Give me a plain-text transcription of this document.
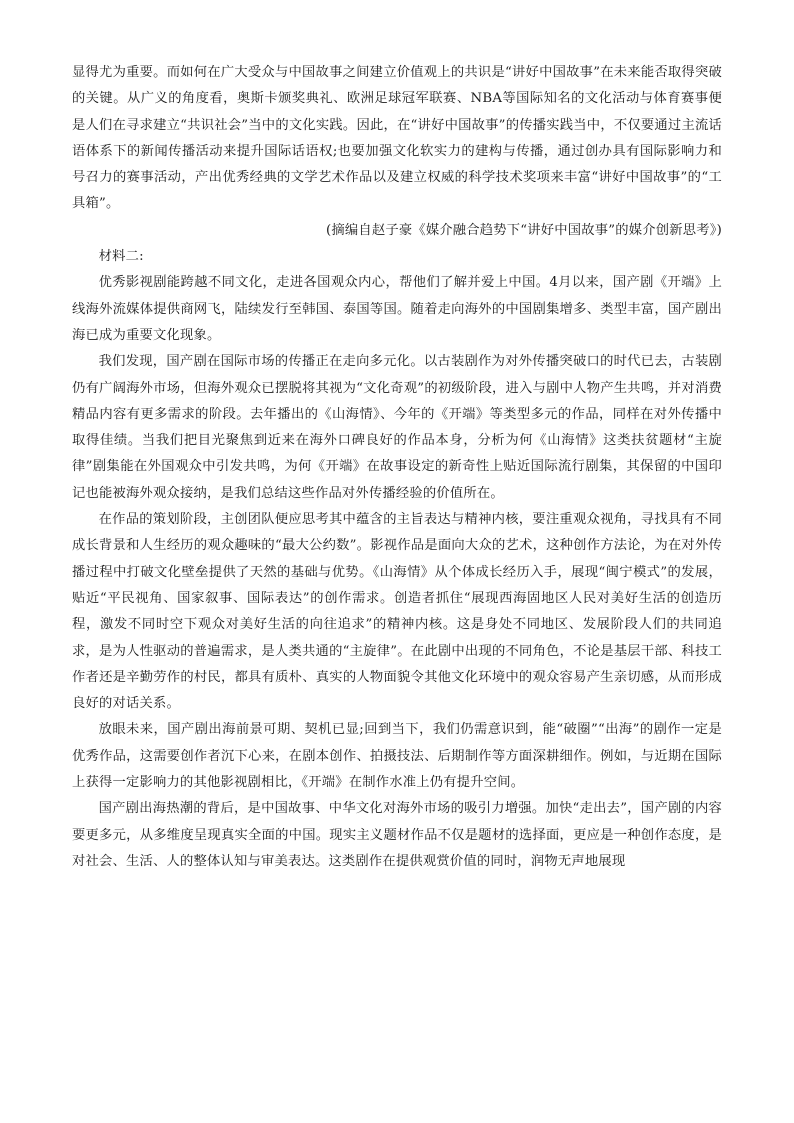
显得尤为重要。而如何在广大受众与中国故事之间建立价值观上的共识是“讲好中国故事”在未来能否取得突破的关键。从广义的角度看，奥斯卡颁奖典礼、欧洲足球冠军联赛、NBA等国际知名的文化活动与体育赛事便是人们在寻求建立“共识社会”当中的文化实践。因此，在“讲好中国故事”的传播实践当中，不仅要通过主流话语体系下的新闻传播活动来提升国际话语权;也要加强文化软实力的建构与传播，通过创办具有国际影响力和号召力的赛事活动，产出优秀经典的文学艺术作品以及建立权威的科学技术奖项来丰富“讲好中国故事”的“工具箱”。

(摘编自赵子豪《媒介融合趋势下“讲好中国故事”的媒介创新思考》)

材料二:

优秀影视剧能跨越不同文化，走进各国观众内心，帮他们了解并爱上中国。4月以来，国产剧《开端》上线海外流媒体提供商网飞，陆续发行至韩国、泰国等国。随着走向海外的中国剧集增多、类型丰富，国产剧出海已成为重要文化现象。

我们发现，国产剧在国际市场的传播正在走向多元化。以古装剧作为对外传播突破口的时代已去，古装剧仍有广阔海外市场，但海外观众已摆脱将其视为“文化奇观”的初级阶段，进入与剧中人物产生共鸣，并对消费精品内容有更多需求的阶段。去年播出的《山海情》、今年的《开端》等类型多元的作品，同样在对外传播中取得佳绩。当我们把目光聚焦到近来在海外口碑良好的作品本身，分析为何《山海情》这类扶贫题材“主旋律”剧集能在外国观众中引发共鸣，为何《开端》在故事设定的新奇性上贴近国际流行剧集，其保留的中国印记也能被海外观众接纳，是我们总结这些作品对外传播经验的价值所在。

在作品的策划阶段，主创团队便应思考其中蕴含的主旨表达与精神内核，要注重观众视角，寻找具有不同成长背景和人生经历的观众趣味的“最大公约数”。影视作品是面向大众的艺术，这种创作方法论，为在对外传播过程中打破文化壁垒提供了天然的基础与优势。《山海情》从个体成长经历入手，展现“闽宁模式”的发展，贴近“平民视角、国家叙事、国际表达”的创作需求。创造者抓住“展现西海固地区人民对美好生活的创造历程，激发不同时空下观众对美好生活的向往追求”的精神内核。这是身处不同地区、发展阶段人们的共同追求，是为人性驱动的普遍需求，是人类共通的“主旋律”。在此剧中出现的不同角色，不论是基层干部、科技工作者还是辛勤劳作的村民，都具有质朴、真实的人物面貌令其他文化环境中的观众容易产生亲切感，从而形成良好的对话关系。

放眼未来，国产剧出海前景可期、契机已显;回到当下，我们仍需意识到，能“破圈”“出海”的剧作一定是优秀作品，这需要创作者沉下心来，在剧本创作、拍摄技法、后期制作等方面深耕细作。例如，与近期在国际上获得一定影响力的其他影视剧相比，《开端》在制作水准上仍有提升空间。

国产剧出海热潮的背后，是中国故事、中华文化对海外市场的吸引力增强。加快“走出去”，国产剧的内容要更多元，从多维度呈现真实全面的中国。现实主义题材作品不仅是题材的选择面，更应是一种创作态度，是对社会、生活、人的整体认知与审美表达。这类剧作在提供观赏价值的同时，润物无声地展现
